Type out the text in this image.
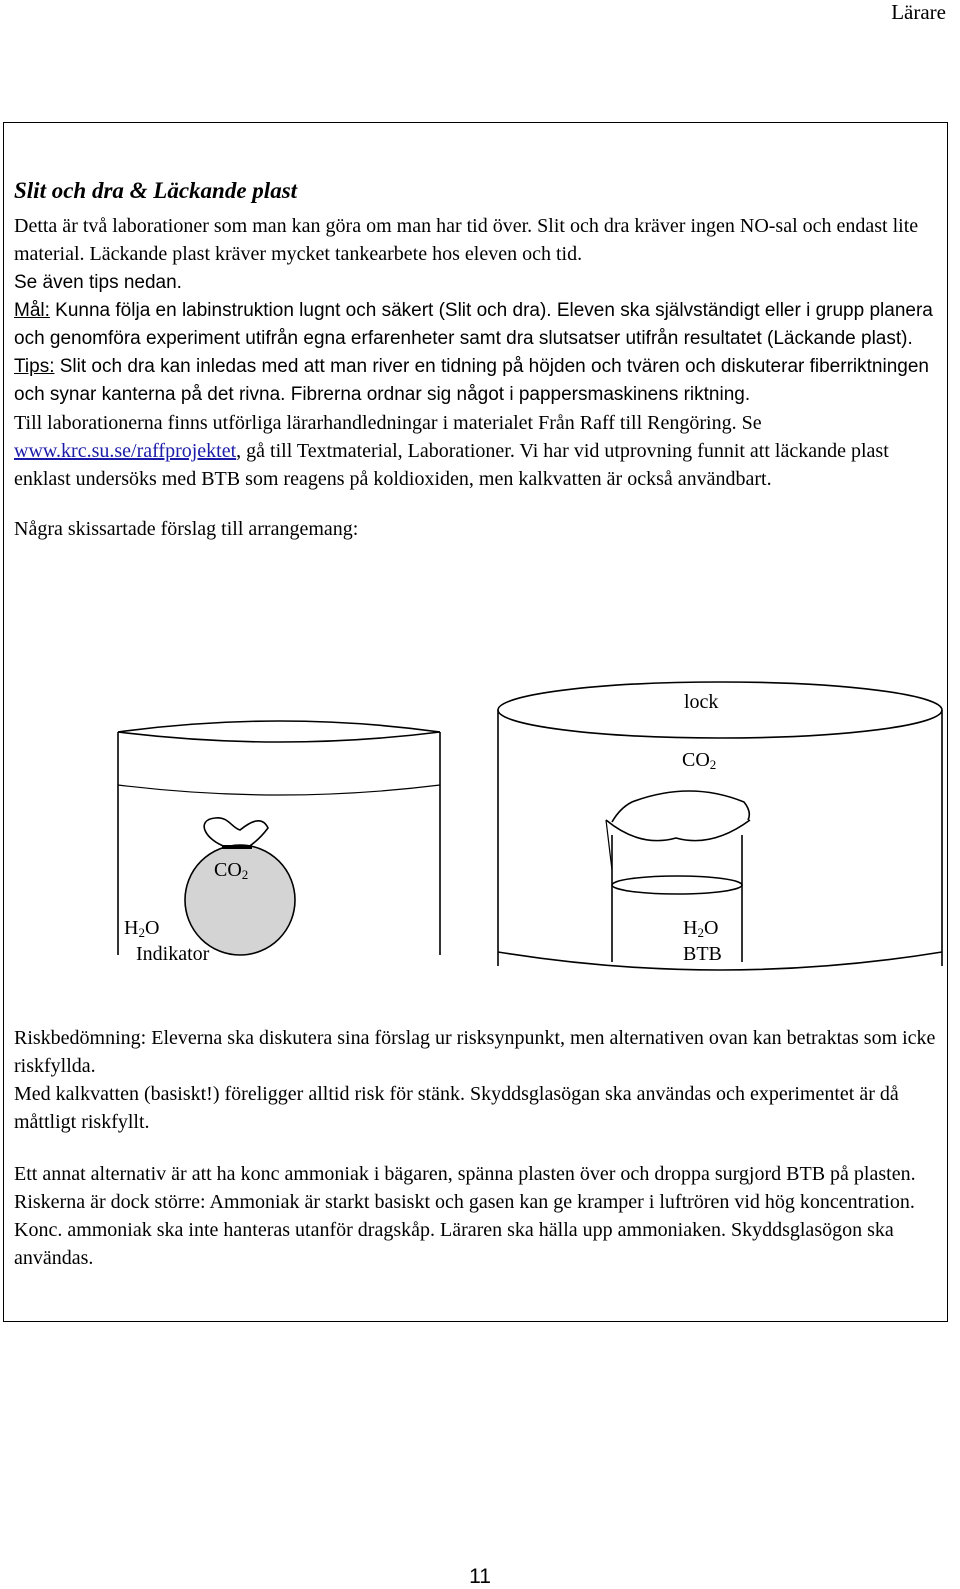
Lärare
Slit och dra & Läckande plast

Detta är två laborationer som man kan göra om man har tid över. Slit och dra kräver ingen NO-sal och endast lite material. Läckande plast kräver mycket tankearbete hos eleven och tid.
Se även tips nedan.

Mål: Kunna följa en labinstruktion lugnt och säkert (Slit och dra). Eleven ska självständigt eller i grupp planera och genomföra experiment utifrån egna erfarenheter samt dra slutsatser utifrån resultatet (Läckande plast).

Tips: Slit och dra kan inledas med att man river en tidning på höjden och tvären och diskuterar fiberriktningen och synar kanterna på det rivna. Fibrerna ordnar sig något i pappersmaskinens riktning.

Till laborationerna finns utförliga lärarhandledningar i materialet Från Raff till Rengöring. Se www.krc.su.se/raffprojektet, gå till Textmaterial, Laborationer. Vi har vid utprovning funnit att läckande plast enklast undersöks med BTB som reagens på koldioxiden, men kalkvatten är också användbart.

Några skissartade förslag till arrangemang:

$CO_2$
$H_2O$
Indikator
lock
$CO_2$
$H_2O$
BTB

Riskbedömning: Eleverna ska diskutera sina förslag ur risksynpunkt, men alternativen ovan kan betraktas som icke riskfyllda.

Med kalkvatten (basiskt!) föreligger alltid risk för stänk. Skyddsglasögan ska användas och experimentet är då måttligt riskfyllt.

Ett annat alternativ är att ha konc ammoniak i bägaren, spänna plasten över och droppa surgjord BTB på plasten.

Riskerna är dock större: Ammoniak är starkt basiskt och gasen kan ge kramper i luftrören vid hög koncentration. Konc. ammoniak ska inte hanteras utanför dragskåp. Läraren ska hälla upp ammoniaken. Skyddsglasögon ska användas.

11
